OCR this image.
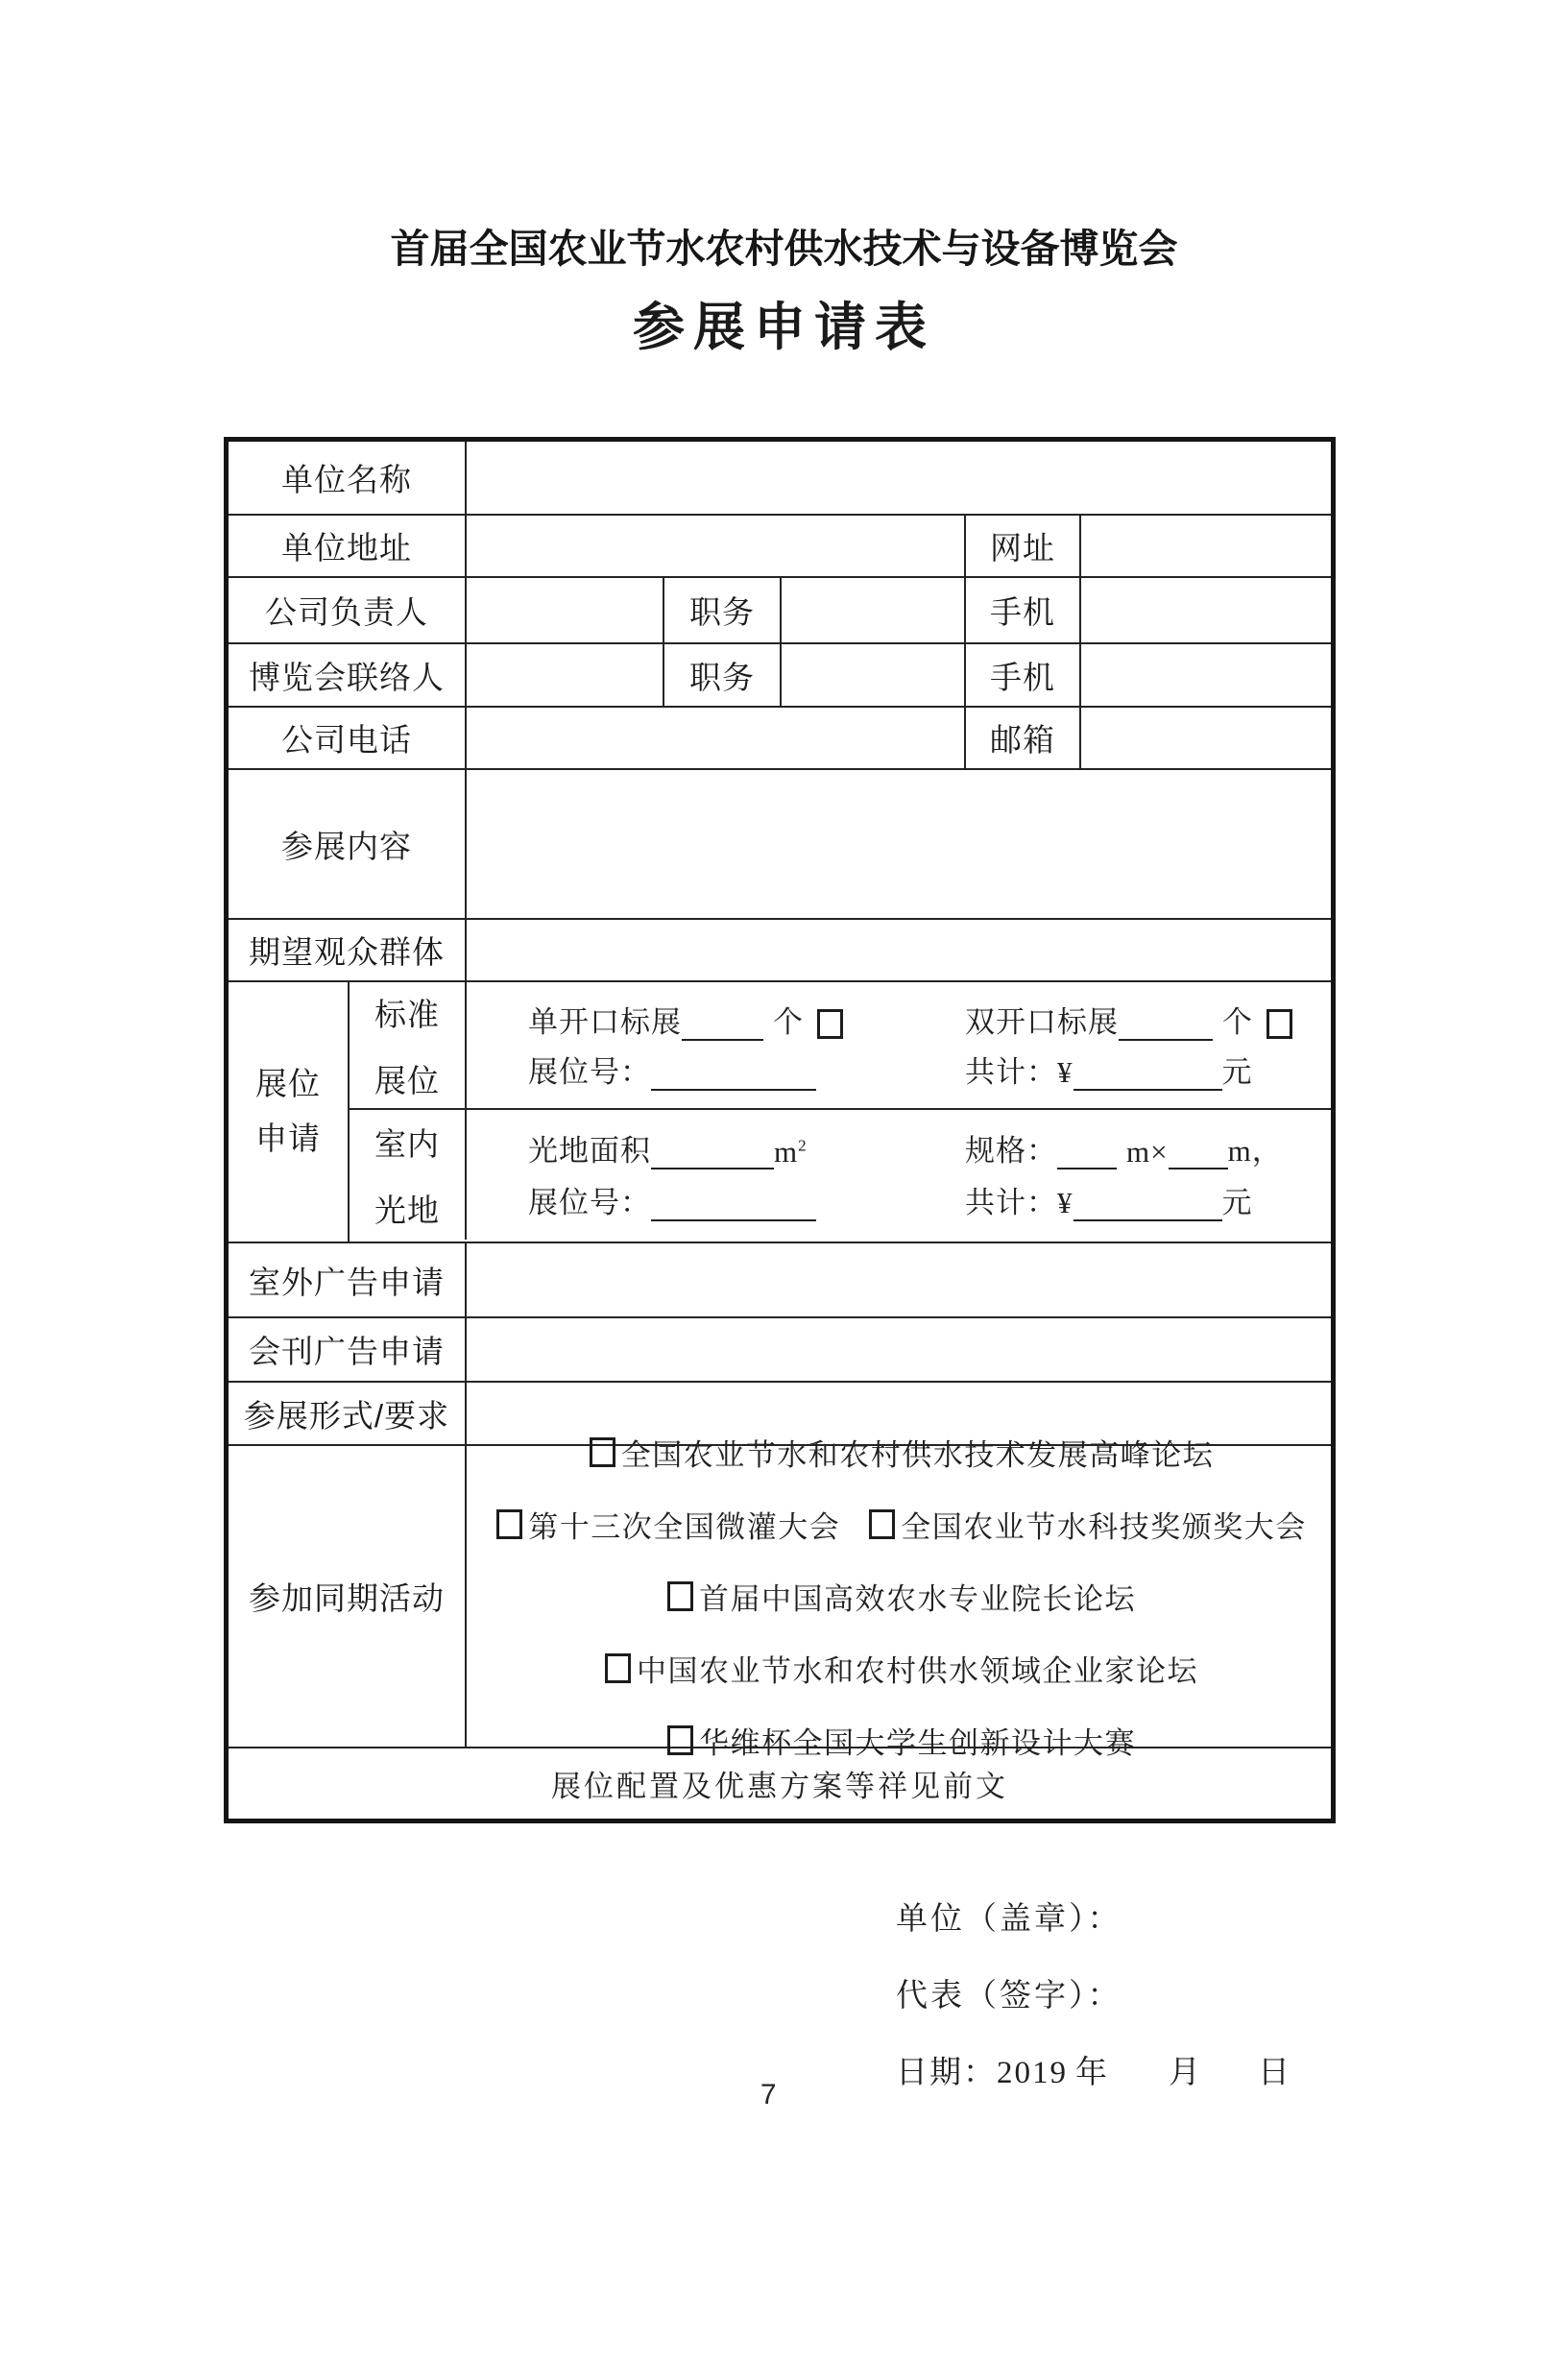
首届全国农业节水农村供水技术与设备博览会
参展申请表
单位名称
单位地址	网址
公司负责人	职务	手机
博览会联络人	职务	手机
公司电话	邮箱
参展内容
期望观众群体
展位
申请
标准
展位
单开口标展	个	双开口标展	个
展位号：	共计：¥	元
室内
光地
光地面积	$m^2$	规格： m× m，
展位号：	共计：¥	元
室外广告申请
会刊广告申请
参展形式/要求
参加同期活动
全国农业节水和农村供水技术发展高峰论坛
第十三次全国微灌大会 全国农业节水科技奖颁奖大会
首届中国高效农水专业院长论坛
中国农业节水和农村供水领域企业家论坛
华维杯全国大学生创新设计大赛
展位配置及优惠方案等祥见前文
单位（盖章）：
代表（签字）：
日期：2019 年 月 日
7
